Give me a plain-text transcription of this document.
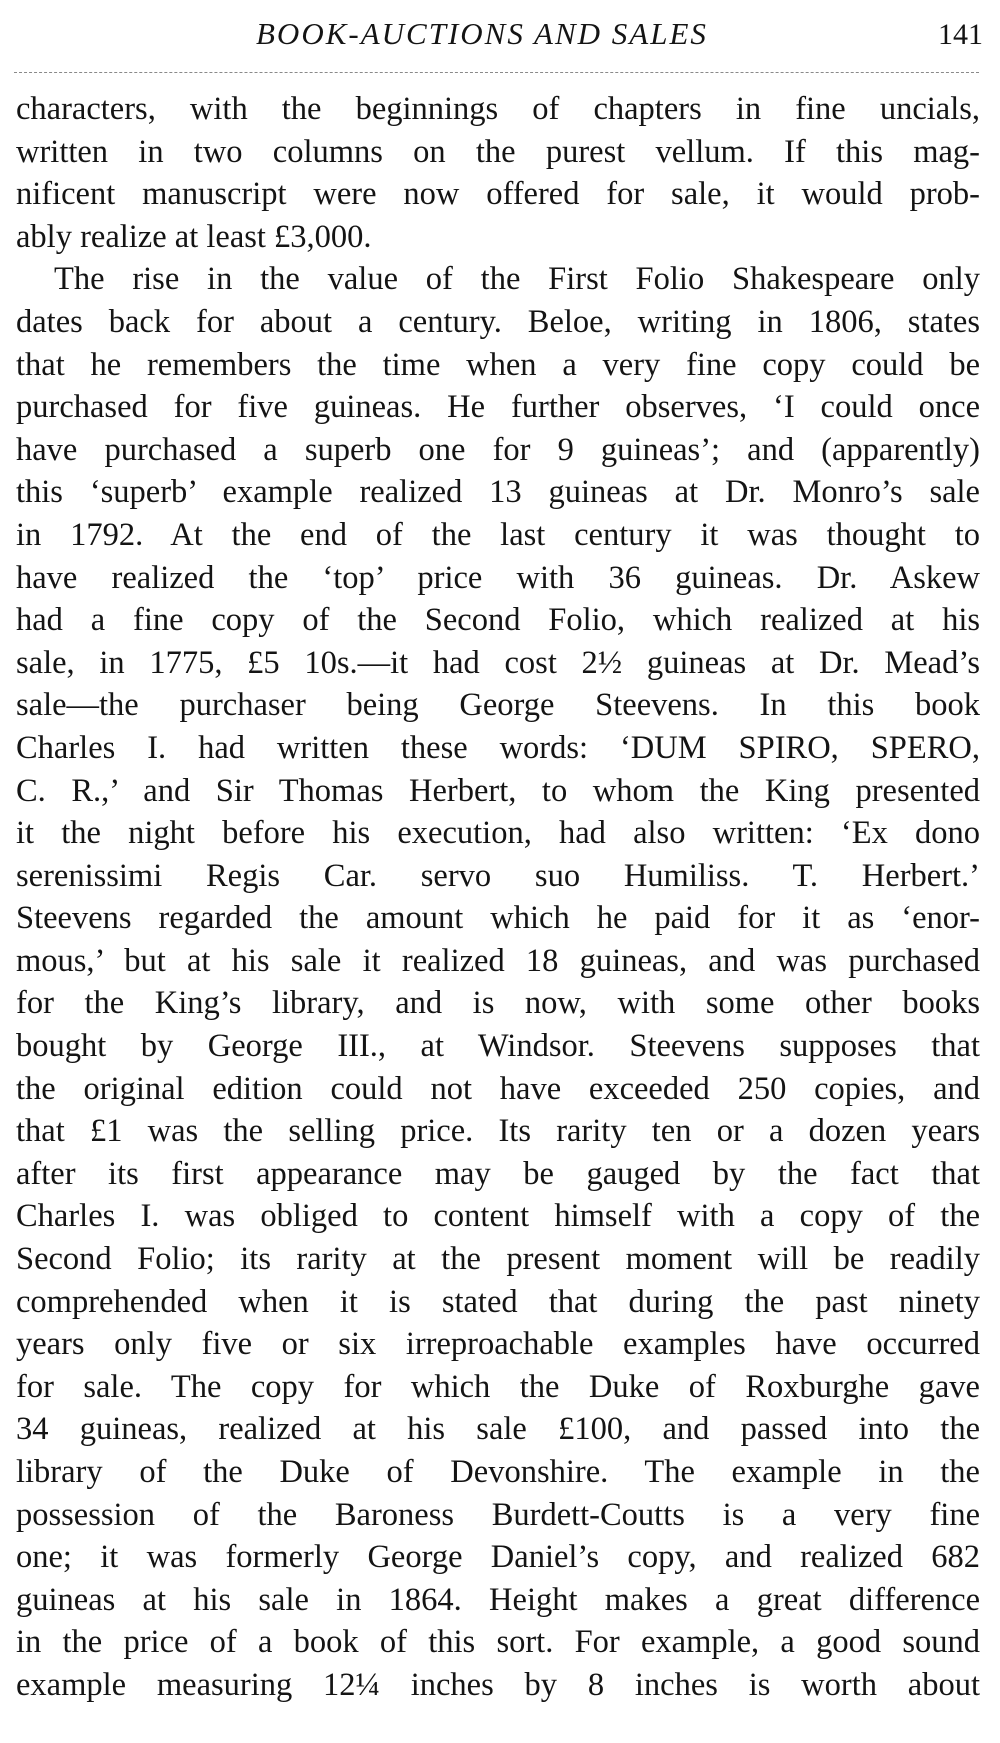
BOOK-AUCTIONS AND SALES	141
characters, with the beginnings of chapters in fine uncials,
written in two columns on the purest vellum. If this mag-
nificent manuscript were now offered for sale, it would prob-
ably realize at least £3,000.
The rise in the value of the First Folio Shakespeare only
dates back for about a century. Beloe, writing in 1806, states
that he remembers the time when a very fine copy could be
purchased for five guineas. He further observes, ‘I could once
have purchased a superb one for 9 guineas’; and (apparently)
this ‘superb’ example realized 13 guineas at Dr. Monro’s sale
in 1792. At the end of the last century it was thought to
have realized the ‘top’ price with 36 guineas. Dr. Askew
had a fine copy of the Second Folio, which realized at his
sale, in 1775, £5 10s.—it had cost 2½ guineas at Dr. Mead’s
sale—the purchaser being George Steevens. In this book
Charles I. had written these words: ‘DUM SPIRO, SPERO,
C. R.,’ and Sir Thomas Herbert, to whom the King presented
it the night before his execution, had also written: ‘Ex dono
serenissimi Regis Car. servo suo Humiliss. T. Herbert.’
Steevens regarded the amount which he paid for it as ‘enor-
mous,’ but at his sale it realized 18 guineas, and was purchased
for the King’s library, and is now, with some other books
bought by George III., at Windsor. Steevens supposes that
the original edition could not have exceeded 250 copies, and
that £1 was the selling price. Its rarity ten or a dozen years
after its first appearance may be gauged by the fact that
Charles I. was obliged to content himself with a copy of the
Second Folio; its rarity at the present moment will be readily
comprehended when it is stated that during the past ninety
years only five or six irreproachable examples have occurred
for sale. The copy for which the Duke of Roxburghe gave
34 guineas, realized at his sale £100, and passed into the
library of the Duke of Devonshire. The example in the
possession of the Baroness Burdett-Coutts is a very fine
one; it was formerly George Daniel’s copy, and realized 682
guineas at his sale in 1864. Height makes a great difference
in the price of a book of this sort. For example, a good sound
example measuring 12¼ inches by 8 inches is worth about
